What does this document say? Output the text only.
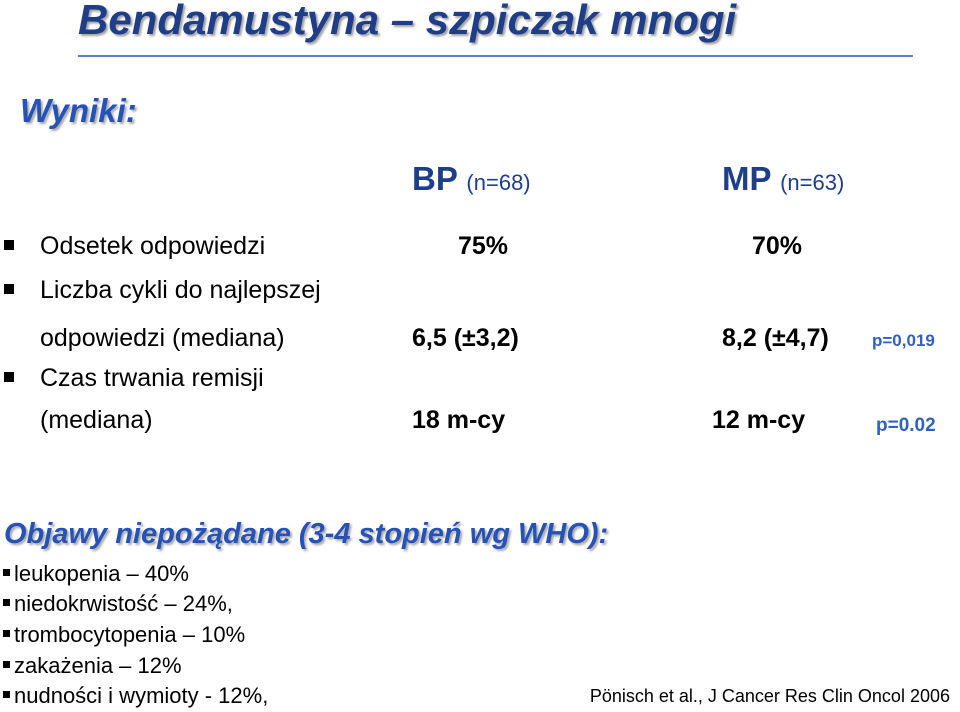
Bendamustyna – szpiczak mnogi
Wyniki:
BP (n=68)	MP (n=63)
Odsetek odpowiedzi	75%	70%
Liczba cykli do najlepszej
odpowiedzi (mediana)	6,5 (±3,2)	8,2 (±4,7)	p=0,019
Czas trwania remisji
(mediana)	18 m-cy	12 m-cy	p=0.02
Objawy niepożądane (3-4 stopień wg WHO):
leukopenia – 40%
niedokrwistość – 24%,
trombocytopenia – 10%
zakażenia – 12%
nudności i wymioty - 12%,	Pönisch et al., J Cancer Res Clin Oncol 2006
